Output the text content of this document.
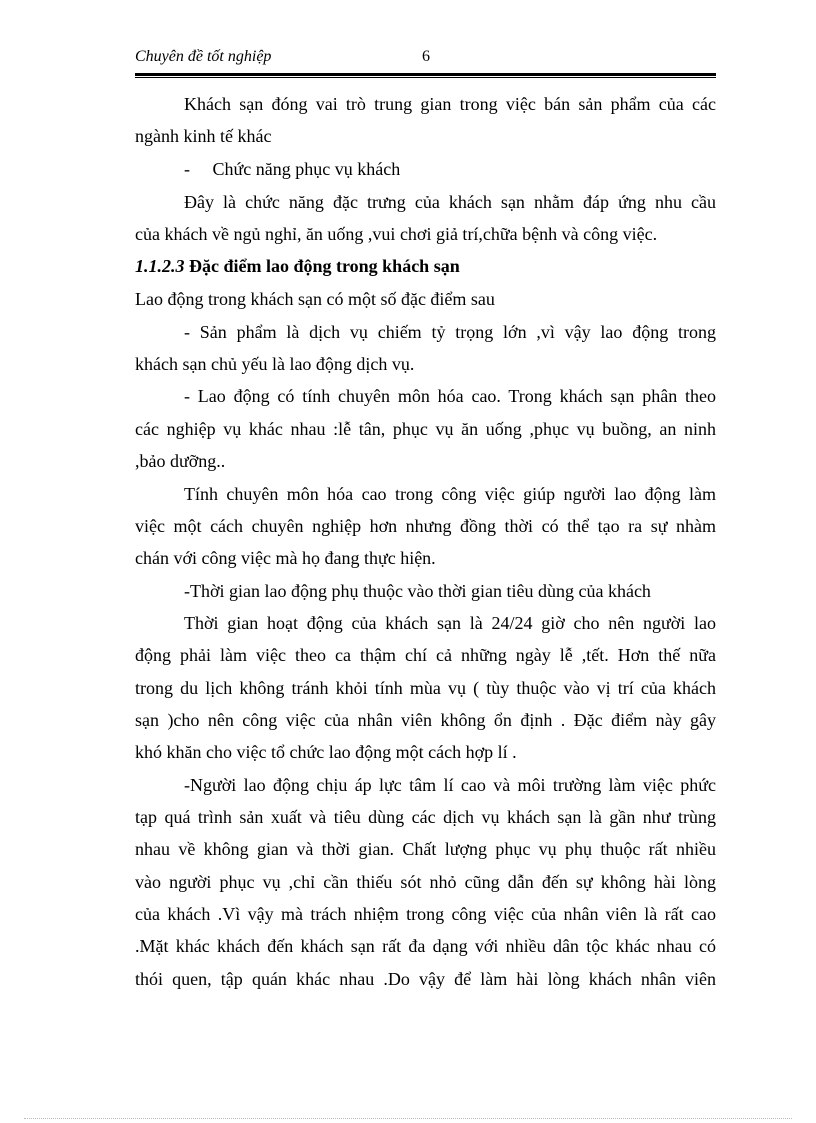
Chuyên đề tốt nghiệp	6
Khách sạn đóng vai trò trung gian trong việc bán sản phẩm của các
ngành kinh tế khác
-     Chức năng phục vụ khách
Đây là chức năng đặc trưng của khách sạn nhằm đáp ứng nhu cầu
của khách về ngủ nghỉ, ăn uống ,vui chơi giả trí,chữa bệnh và công việc.
1.1.2.3 Đặc điểm lao động trong khách sạn
Lao động trong khách sạn có một số đặc điểm sau
- Sản phẩm là dịch vụ chiếm tỷ trọng lớn ,vì vậy lao động trong
khách sạn chủ yếu là lao động dịch vụ.
- Lao động có tính chuyên môn hóa cao. Trong khách sạn phân theo
các nghiệp vụ khác nhau :lễ tân, phục vụ ăn uống ,phục vụ buồng, an ninh
,bảo dưỡng..
Tính chuyên môn hóa cao trong công việc giúp người lao động làm
việc một cách chuyên nghiệp hơn nhưng đồng thời có thể tạo ra sự nhàm
chán với công việc mà họ đang thực hiện.
-Thời gian lao động phụ thuộc vào thời gian tiêu dùng của khách
Thời gian hoạt động của khách sạn là 24/24 giờ cho nên người lao
động phải làm việc theo ca thậm chí cả những ngày lễ ,tết. Hơn thế nữa
trong du lịch không tránh khỏi tính mùa vụ ( tùy thuộc vào vị trí của khách
sạn )cho nên công việc của nhân viên không ổn định . Đặc điểm này gây
khó khăn cho việc tổ chức lao động một cách hợp lí .
-Người lao động chịu áp lực tâm lí cao và môi trường làm việc phức
tạp quá trình sản xuất và tiêu dùng các dịch vụ khách sạn là gần như trùng
nhau về không gian và thời gian. Chất lượng phục vụ phụ thuộc rất nhiều
vào người phục vụ ,chỉ cần thiếu sót nhỏ cũng dẫn đến sự không hài lòng
của khách .Vì vậy mà trách nhiệm trong công việc của nhân viên là rất cao
.Mặt khác khách đến khách sạn rất đa dạng với nhiều dân tộc khác nhau có
thói quen, tập quán khác nhau .Do vậy để làm hài lòng khách nhân viên
